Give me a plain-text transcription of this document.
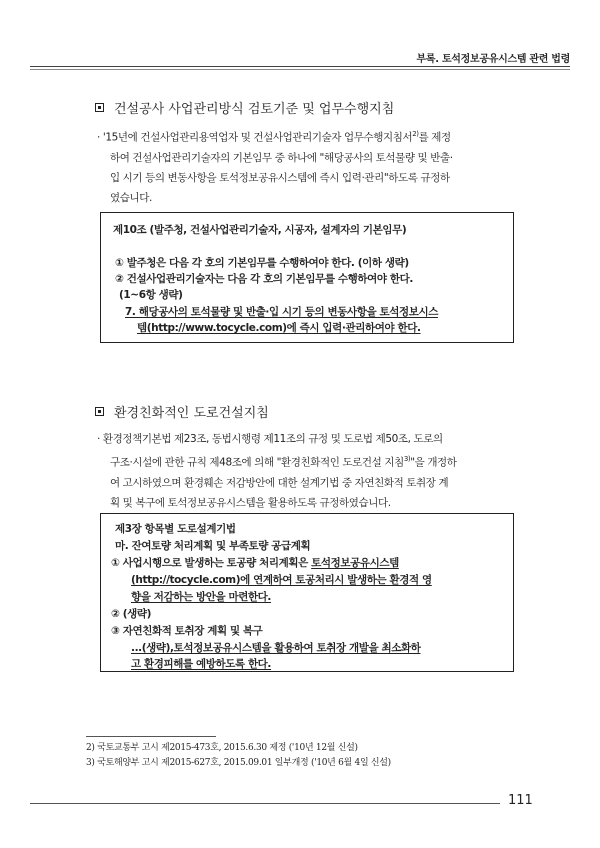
부록. 토석정보공유시스템 관련 법령
건설공사 사업관리방식 검토기준 및 업무수행지침
· '15년에 건설사업관리용역업자 및 건설사업관리기술자 업무수행지침서$^{2)}$를 제정
하여 건설사업관리기술자의 기본임무 중 하나에 "해당공사의 토석물량 및 반출·
입 시기 등의 변동사항을 토석정보공유시스템에 즉시 입력·관리"하도록 규정하
였습니다.
제10조 (발주청, 건설사업관리기술자, 시공자, 설계자의 기본임무)
① 발주청은 다음 각 호의 기본임무를 수행하여야 한다. (이하 생략)
② 건설사업관리기술자는 다음 각 호의 기본임무를 수행하여야 한다.
(1~6항 생략)
7. 해당공사의 토석물량 및 반출·입 시기 등의 변동사항을 토석정보시스
템(http://www.tocycle.com)에 즉시 입력·관리하여야 한다.
환경친화적인 도로건설지침
· 환경정책기본법 제23조, 동법시행령 제11조의 규정 및 도로법 제50조, 도로의
구조·시설에 관한 규칙 제48조에 의해 "환경친화적인 도로건설 지침$^{3)}$"을 개정하
여 고시하였으며 환경훼손 저감방안에 대한 설계기법 중 자연친화적 토취장 계
획 및 복구에 토석정보공유시스템을 활용하도록 규정하였습니다.
제3장 항목별 도로설계기법
마. 잔여토량 처리계획 및 부족토량 공급계획
① 사업시행으로 발생하는 토공량 처리계획은 토석정보공유시스템
(http://tocycle.com)에 연계하여 토공처리시 발생하는 환경적 영
향을 저감하는 방안을 마련한다.
② (생략)
③ 자연친화적 토취장 계획 및 복구
...(생략),토석정보공유시스템을 활용하여 토취장 개발을 최소화하
고 환경피해를 예방하도록 한다.
2) 국토교통부 고시 제2015-473호, 2015.6.30 제정 ('10년 12월 신설)
3) 국토해양부 고시 제2015-627호, 2015.09.01 일부개정 ('10년 6월 4일 신설)
111
